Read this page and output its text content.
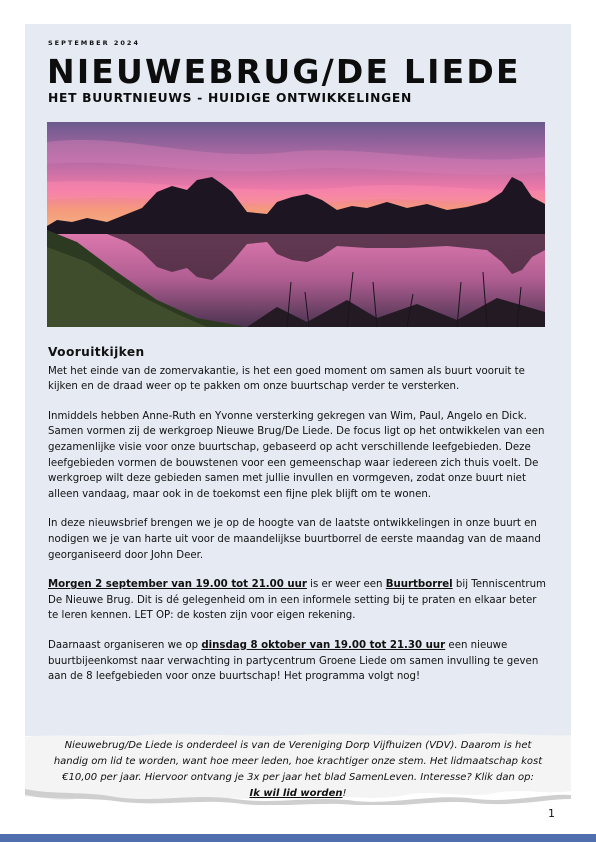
SEPTEMBER 2024
NIEUWEBRUG/DE LIEDE
HET BUURTNIEUWS - HUIDIGE ONTWIKKELINGEN
Vooruitkijken

Met het einde van de zomervakantie, is het een goed moment om samen als buurt vooruit te kijken en de draad weer op te pakken om onze buurtschap verder te versterken.

Inmiddels hebben Anne-Ruth en Yvonne versterking gekregen van Wim, Paul, Angelo en Dick. Samen vormen zij de werkgroep Nieuwe Brug/De Liede. De focus ligt op het ontwikkelen van een gezamenlijke visie voor onze buurtschap, gebaseerd op acht verschillende leefgebieden. Deze leefgebieden vormen de bouwstenen voor een gemeenschap waar iedereen zich thuis voelt. De werkgroep wilt deze gebieden samen met jullie invullen en vormgeven, zodat onze buurt niet alleen vandaag, maar ook in de toekomst een fijne plek blijft om te wonen.

In deze nieuwsbrief brengen we je op de hoogte van de laatste ontwikkelingen in onze buurt en nodigen we je van harte uit voor de maandelijkse buurtborrel de eerste maandag van de maand georganiseerd door John Deer.

Morgen 2 september van 19.00 tot 21.00 uur is er weer een Buurtborrel bij Tenniscentrum De Nieuwe Brug. Dit is dé gelegenheid om in een informele setting bij te praten en elkaar beter te leren kennen. LET OP: de kosten zijn voor eigen rekening.

Daarnaast organiseren we op dinsdag 8 oktober van 19.00 tot 21.30 uur een nieuwe buurtbijeenkomst naar verwachting in partycentrum Groene Liede om samen invulling te geven aan de 8 leefgebieden voor onze buurtschap! Het programma volgt nog!

Nieuwebrug/De Liede is onderdeel is van de Vereniging Dorp Vijfhuizen (VDV). Daarom is het handig om lid te worden, want hoe meer leden, hoe krachtiger onze stem. Het lidmaatschap kost €10,00 per jaar. Hiervoor ontvang je 3x per jaar het blad SamenLeven. Interesse? Klik dan op:
Ik wil lid worden!
1
